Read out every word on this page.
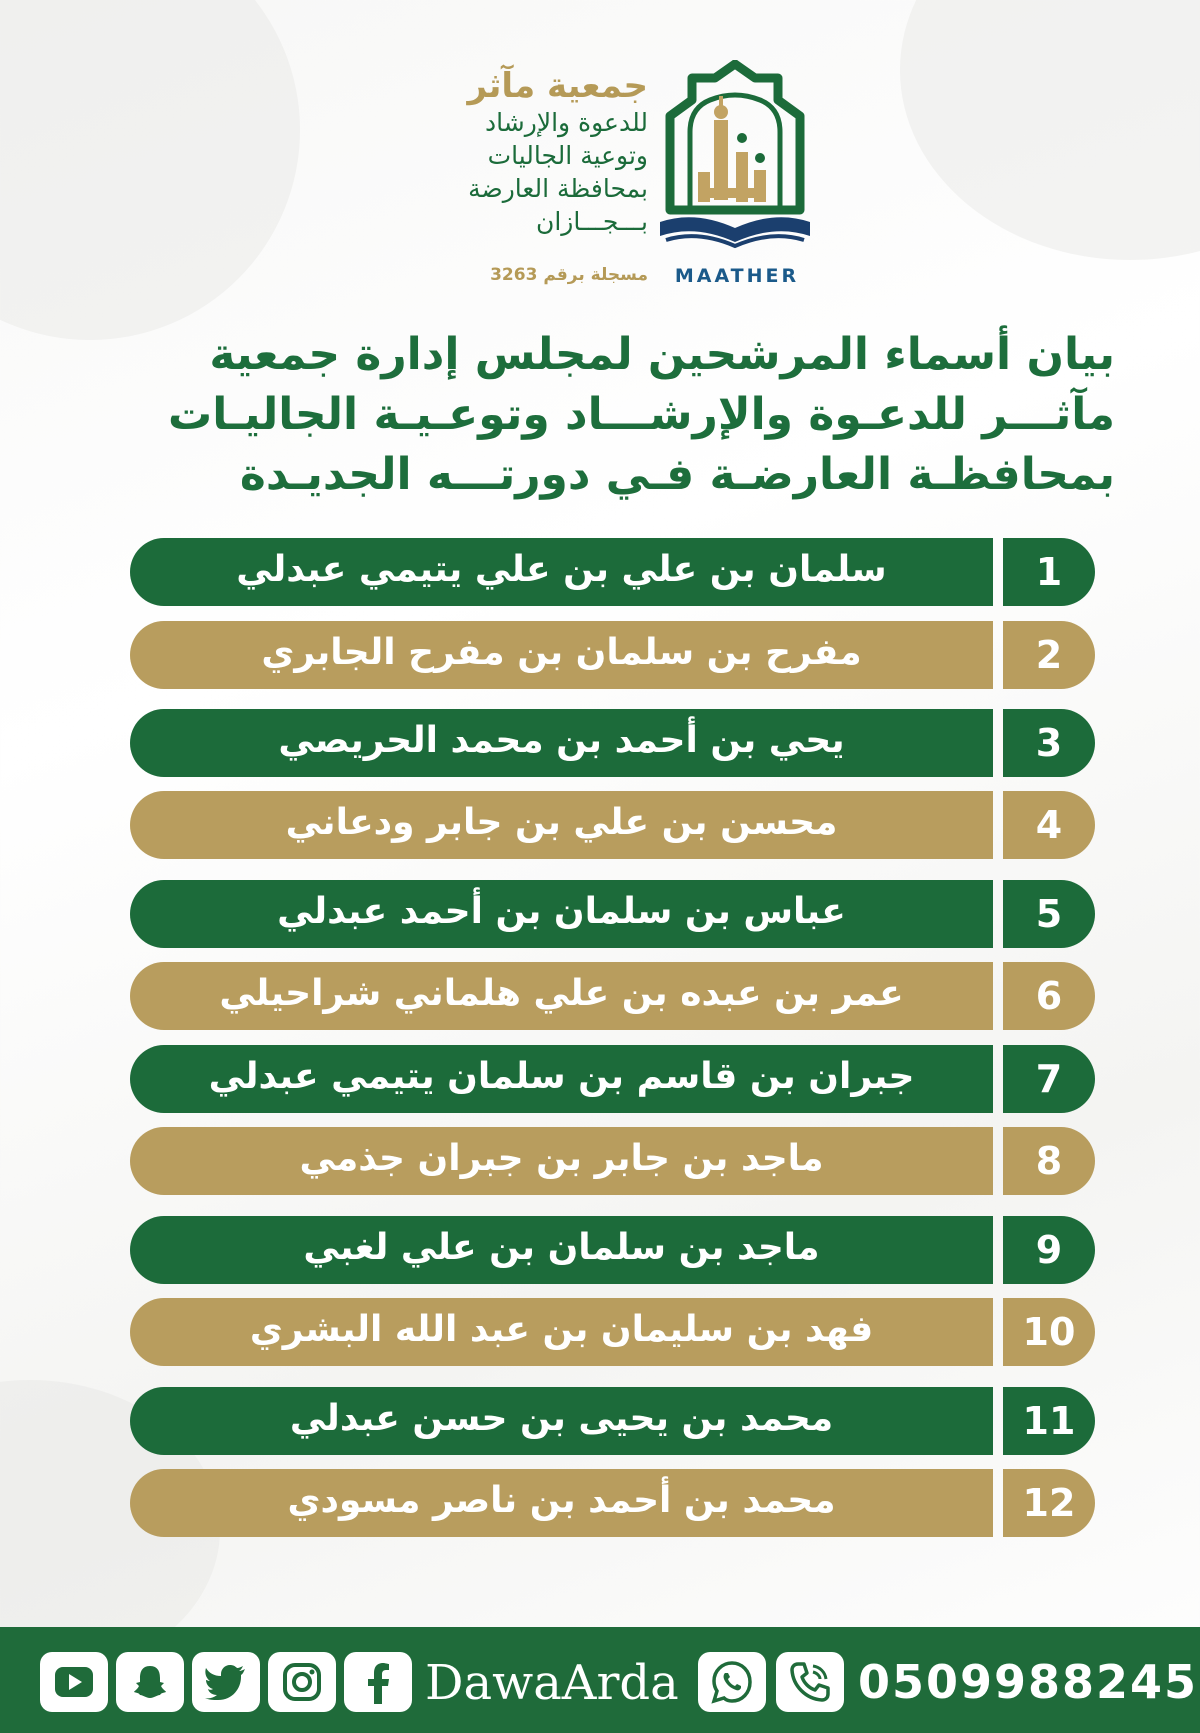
جمعية مآثر
للدعوة والإرشاد
وتوعية الجاليات
بمحافظة العارضة
بـــجـــازان
مسجلة برقم 3263	MAATHER
بيان أسماء المرشحين لمجلس إدارة جمعية
مآثـــر للدعـوة والإرشـــاد وتوعـيـة الجاليـات
بمحافظـة العارضـة فـي دورتـــه الجديـدة
سلمان بن علي بن علي يتيمي عبدلي	1
مفرح بن سلمان بن مفرح الجابري	2
يحي بن أحمد بن محمد الحريصي	3
محسن بن علي بن جابر ودعاني	4
عباس بن سلمان بن أحمد عبدلي	5
عمر بن عبده بن علي هلماني شراحيلي	6
جبران بن قاسم بن سلمان يتيمي عبدلي	7
ماجد بن جابر بن جبران جذمي	8
ماجد بن سلمان بن علي لغبي	9
فهد بن سليمان بن عبد الله البشري	10
محمد بن يحيى بن حسن عبدلي	11
محمد بن أحمد بن ناصر مسودي	12
DawaArda	0509988245
